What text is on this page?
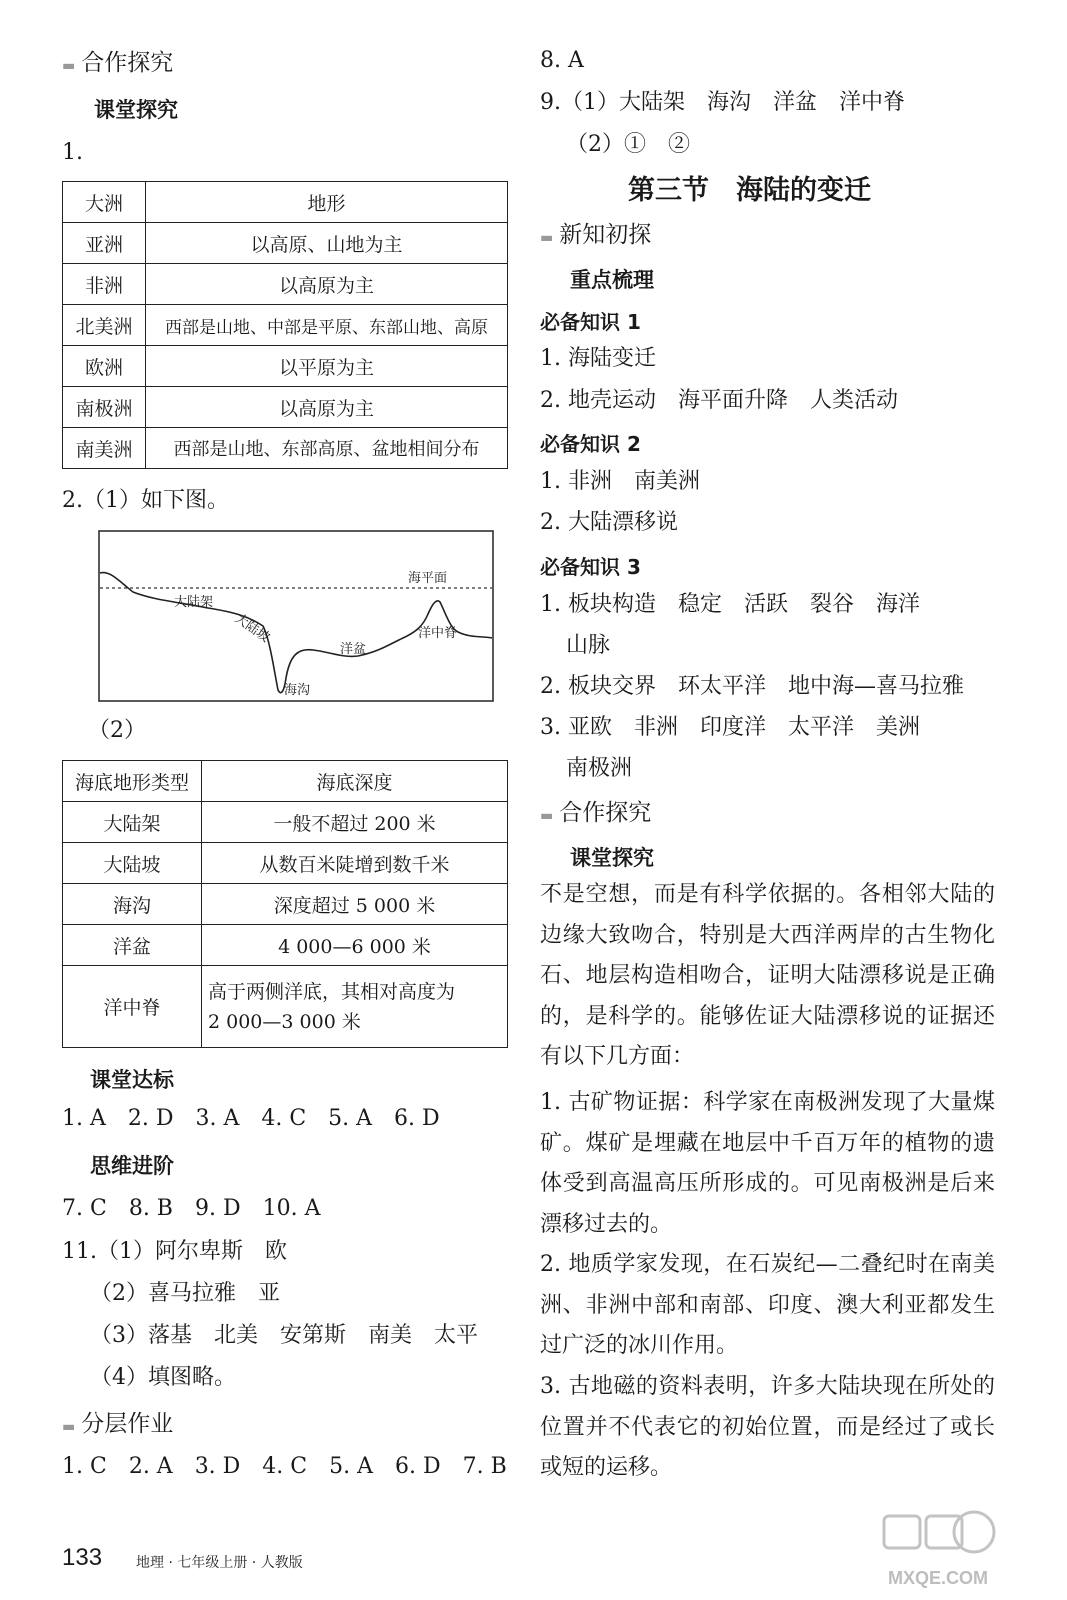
▬ 合作探究
课堂探究
1.
大洲	地形
亚洲	以高原、山地为主
非洲	以高原为主
北美洲	西部是山地、中部是平原、东部山地、高原
欧洲	以平原为主
南极洲	以高原为主
南美洲	西部是山地、东部高原、盆地相间分布
2.（1）如下图。
海平面
大陆架
大陆坡
海沟
洋盆
洋中脊
（2）
海底地形类型	海底深度
大陆架	一般不超过 200 米
大陆坡	从数百米陡增到数千米
海沟	深度超过 5 000 米
洋盆	4 000—6 000 米
洋中脊	高于两侧洋底，其相对高度为
2 000—3 000 米
课堂达标
1. A　2. D　3. A　4. C　5. A　6. D
思维进阶
7. C　8. B　9. D　10. A
11.（1）阿尔卑斯　欧
（2）喜马拉雅　亚
（3）落基　北美　安第斯　南美　太平
（4）填图略。
▬ 分层作业
1. C　2. A　3. D　4. C　5. A　6. D　7. B
8. A
9.（1）大陆架　海沟　洋盆　洋中脊
（2）①　②
第三节　海陆的变迁
▬ 新知初探
重点梳理
必备知识 1
1. 海陆变迁
2. 地壳运动　海平面升降　人类活动
必备知识 2
1. 非洲　南美洲
2. 大陆漂移说
必备知识 3
1. 板块构造　稳定　活跃　裂谷　海洋
山脉
2. 板块交界　环太平洋　地中海—喜马拉雅
3. 亚欧　非洲　印度洋　太平洋　美洲
南极洲
▬ 合作探究
课堂探究
不是空想，而是有科学依据的。各相邻大陆的边缘大致吻合，特别是大西洋两岸的古生物化石、地层构造相吻合，证明大陆漂移说是正确的，是科学的。能够佐证大陆漂移说的证据还有以下几方面：
1. 古矿物证据：科学家在南极洲发现了大量煤矿。煤矿是埋藏在地层中千百万年的植物的遗体受到高温高压所形成的。可见南极洲是后来漂移过去的。
2. 地质学家发现，在石炭纪—二叠纪时在南美洲、非洲中部和南部、印度、澳大利亚都发生过广泛的冰川作用。
3. 古地磁的资料表明，许多大陆块现在所处的位置并不代表它的初始位置，而是经过了或长或短的运移。
133 地理 · 七年级上册 · 人教版
MXQE.COM
